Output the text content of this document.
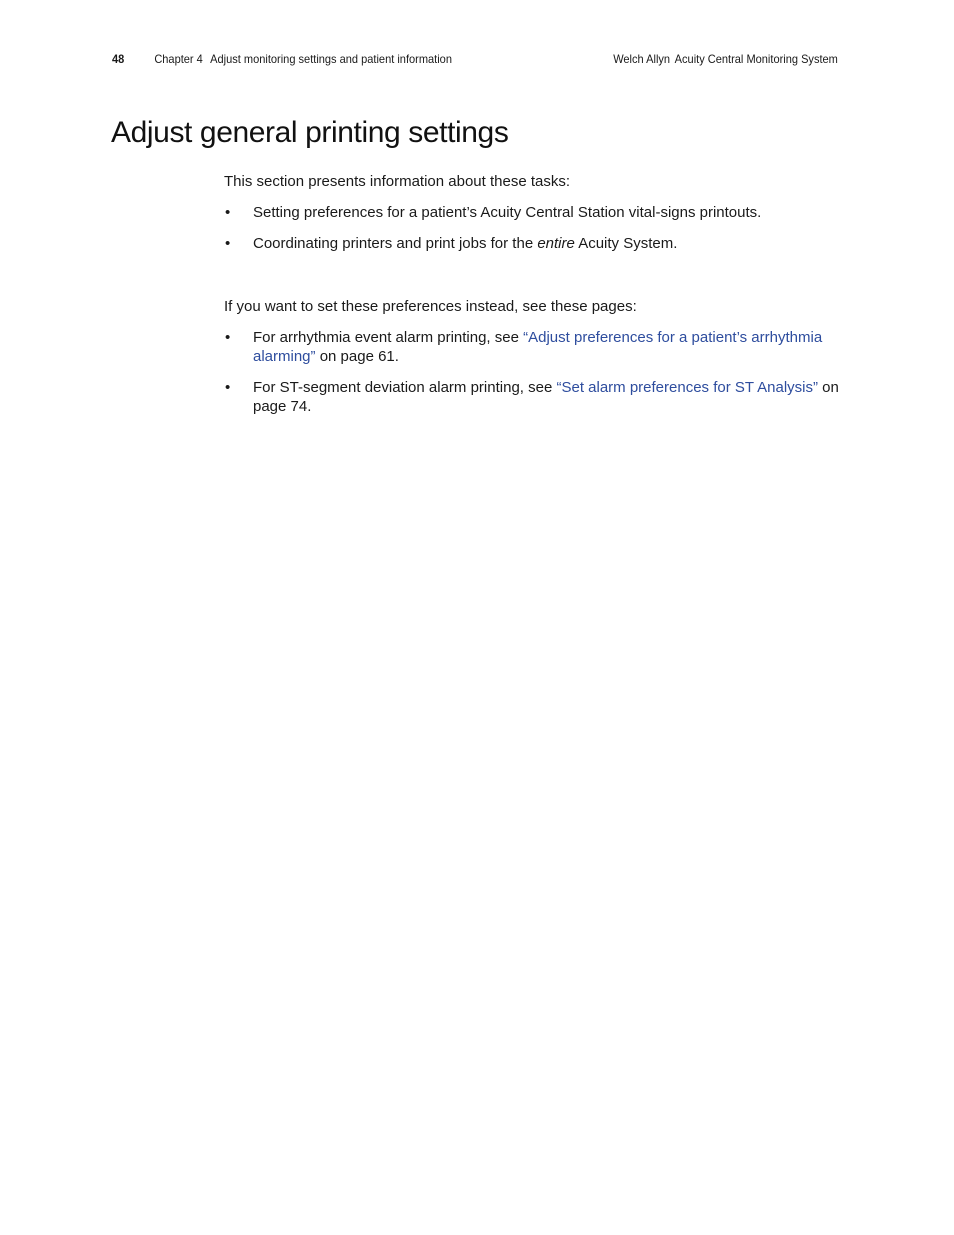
48	Chapter 4 Adjust monitoring settings and patient information	Welch Allyn Acuity Central Monitoring System
Adjust general printing settings
This section presents information about these tasks:
• Setting preferences for a patient’s Acuity Central Station vital-signs printouts.
• Coordinating printers and print jobs for the entire Acuity System.
If you want to set these preferences instead, see these pages:
• For arrhythmia event alarm printing, see “Adjust preferences for a patient’s arrhythmia alarming” on page 61.
• For ST-segment deviation alarm printing, see “Set alarm preferences for ST Analysis” on page 74.
